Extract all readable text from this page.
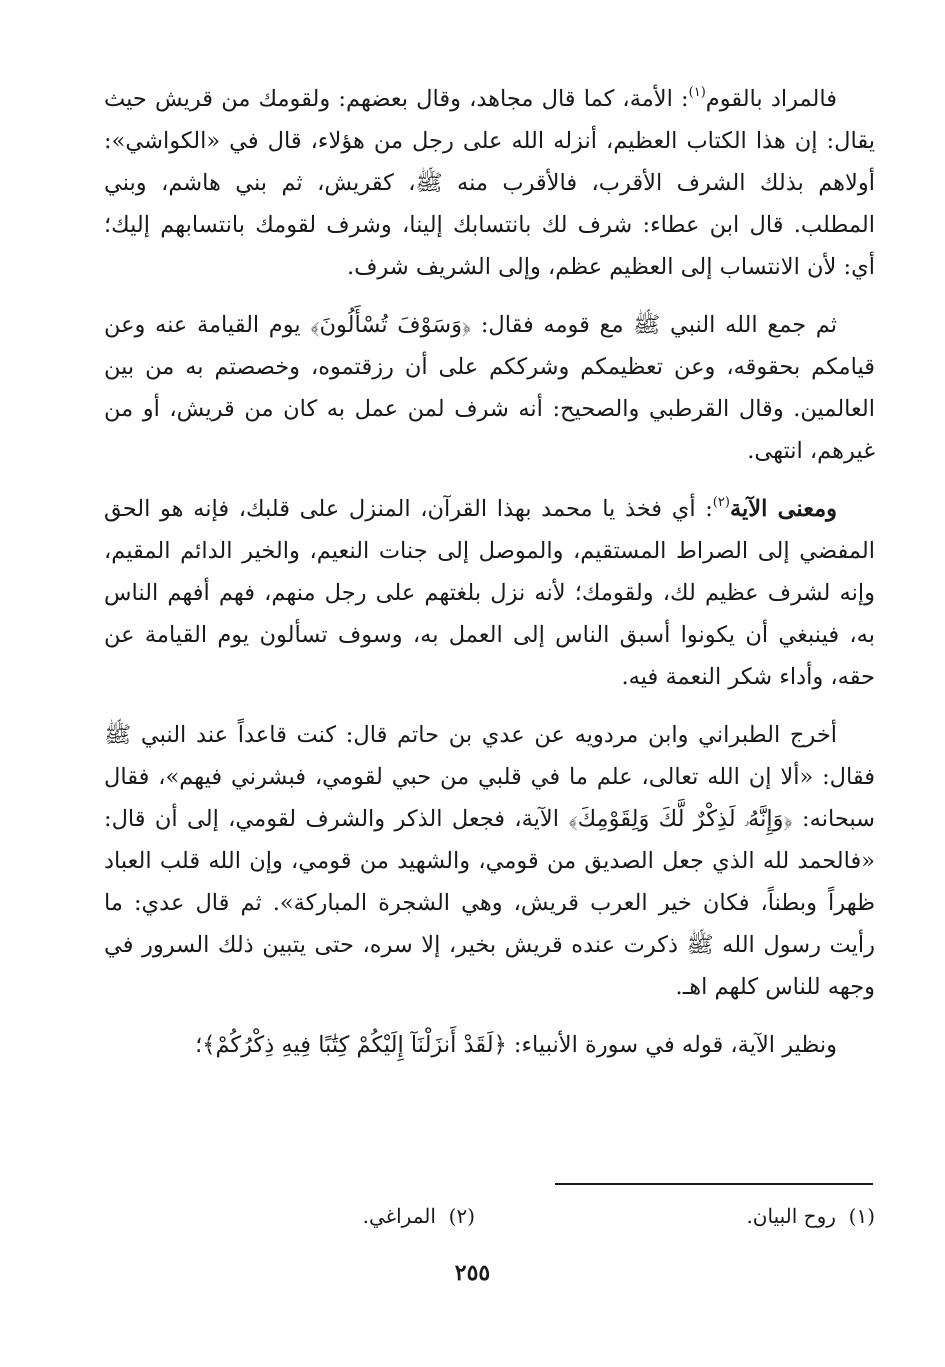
فالمراد بالقوم$^{(١)}$: الأمة، كما قال مجاهد، وقال بعضهم: ولقومك من قريش حيث يقال: إن هذا الكتاب العظيم، أنزله الله على رجل من هؤلاء، قال في «الكواشي»: أولاهم بذلك الشرف الأقرب، فالأقرب منه ﷺ، كقريش، ثم بني هاشم، وبني المطلب. قال ابن عطاء: شرف لك بانتسابك إلينا، وشرف لقومك بانتسابهم إليك؛ أي: لأن الانتساب إلى العظيم عظم، وإلى الشريف شرف.

ثم جمع الله النبي ﷺ مع قومه فقال: ﴿وَسَوْفَ تُسْأَلُونَ﴾ يوم القيامة عنه وعن قيامكم بحقوقه، وعن تعظيمكم وشرككم على أن رزقتموه، وخصصتم به من بين العالمين. وقال القرطبي والصحيح: أنه شرف لمن عمل به كان من قريش، أو من غيرهم، انتهى.

ومعنى الآية$^{(٢)}$: أي فخذ يا محمد بهذا القرآن، المنزل على قلبك، فإنه هو الحق المفضي إلى الصراط المستقيم، والموصل إلى جنات النعيم، والخير الدائم المقيم، وإنه لشرف عظيم لك، ولقومك؛ لأنه نزل بلغتهم على رجل منهم، فهم أفهم الناس به، فينبغي أن يكونوا أسبق الناس إلى العمل به، وسوف تسألون يوم القيامة عن حقه، وأداء شكر النعمة فيه.

أخرج الطبراني وابن مردويه عن عدي بن حاتم قال: كنت قاعداً عند النبي ﷺ فقال: «ألا إن الله تعالى، علم ما في قلبي من حبي لقومي، فبشرني فيهم»، فقال سبحانه: ﴿وَإِنَّهُۥ لَذِكْرٌ لَّكَ وَلِقَوْمِكَ﴾ الآية، فجعل الذكر والشرف لقومي، إلى أن قال: «فالحمد لله الذي جعل الصديق من قومي، والشهيد من قومي، وإن الله قلب العباد ظهراً وبطناً، فكان خير العرب قريش، وهي الشجرة المباركة». ثم قال عدي: ما رأيت رسول الله ﷺ ذكرت عنده قريش بخير، إلا سره، حتى يتبين ذلك السرور في وجهه للناس كلهم اهـ.

ونظير الآية، قوله في سورة الأنبياء: ﴿لَقَدْ أَنزَلْنَآ إِلَيْكُمْ كِتَٰبًا فِيهِ ذِكْرُكُمْ﴾؛

(١)  روح البيان.
(٢)  المراغي.
٢٥٥
